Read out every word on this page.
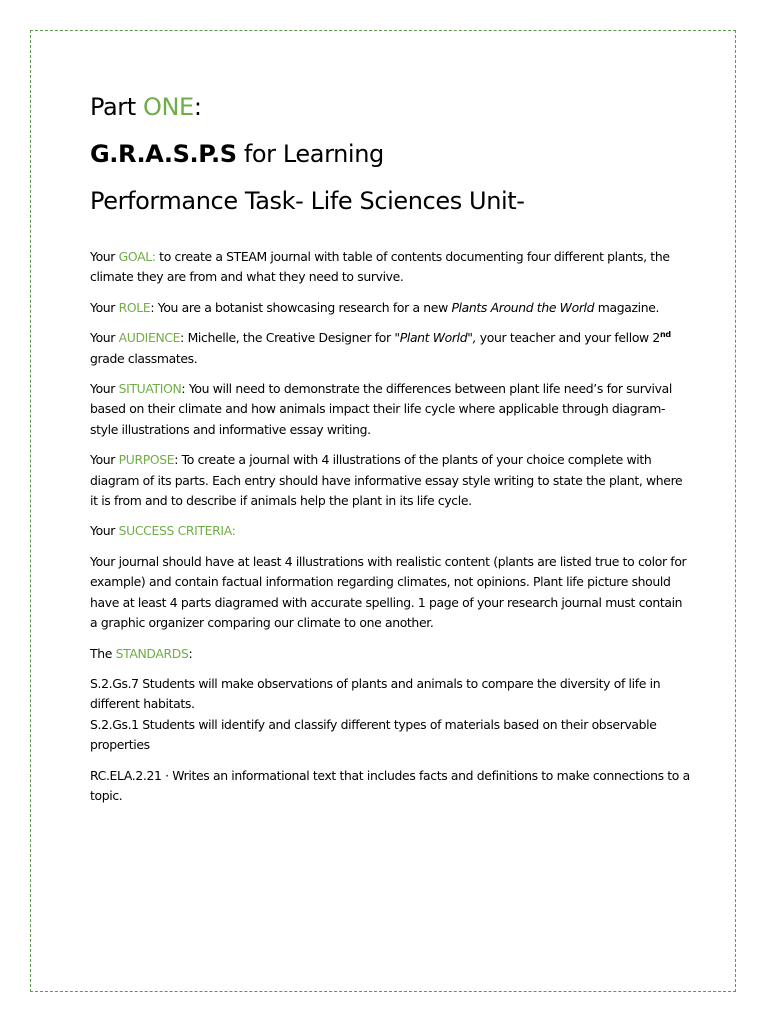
Part ONE:
G.R.A.S.P.S for Learning
Performance Task- Life Sciences Unit-

Your GOAL: to create a STEAM journal with table of contents documenting four different plants, the climate they are from and what they need to survive.

Your ROLE: You are a botanist showcasing research for a new Plants Around the World magazine.

Your AUDIENCE: Michelle, the Creative Designer for "Plant World", your teacher and your fellow 2nd grade classmates.

Your SITUATION: You will need to demonstrate the differences between plant life need’s for survival based on their climate and how animals impact their life cycle where applicable through diagram-style illustrations and informative essay writing.

Your PURPOSE: To create a journal with 4 illustrations of the plants of your choice complete with diagram of its parts. Each entry should have informative essay style writing to state the plant, where it is from and to describe if animals help the plant in its life cycle.

Your SUCCESS CRITERIA:

Your journal should have at least 4 illustrations with realistic content (plants are listed true to color for example) and contain factual information regarding climates, not opinions. Plant life picture should have at least 4 parts diagramed with accurate spelling. 1 page of your research journal must contain a graphic organizer comparing our climate to one another.

The STANDARDS:

S.2.Gs.7 Students will make observations of plants and animals to compare the diversity of life in different habitats.

S.2.Gs.1 Students will identify and classify different types of materials based on their observable properties

RC.ELA.2.21 · Writes an informational text that includes facts and definitions to make connections to a topic.
